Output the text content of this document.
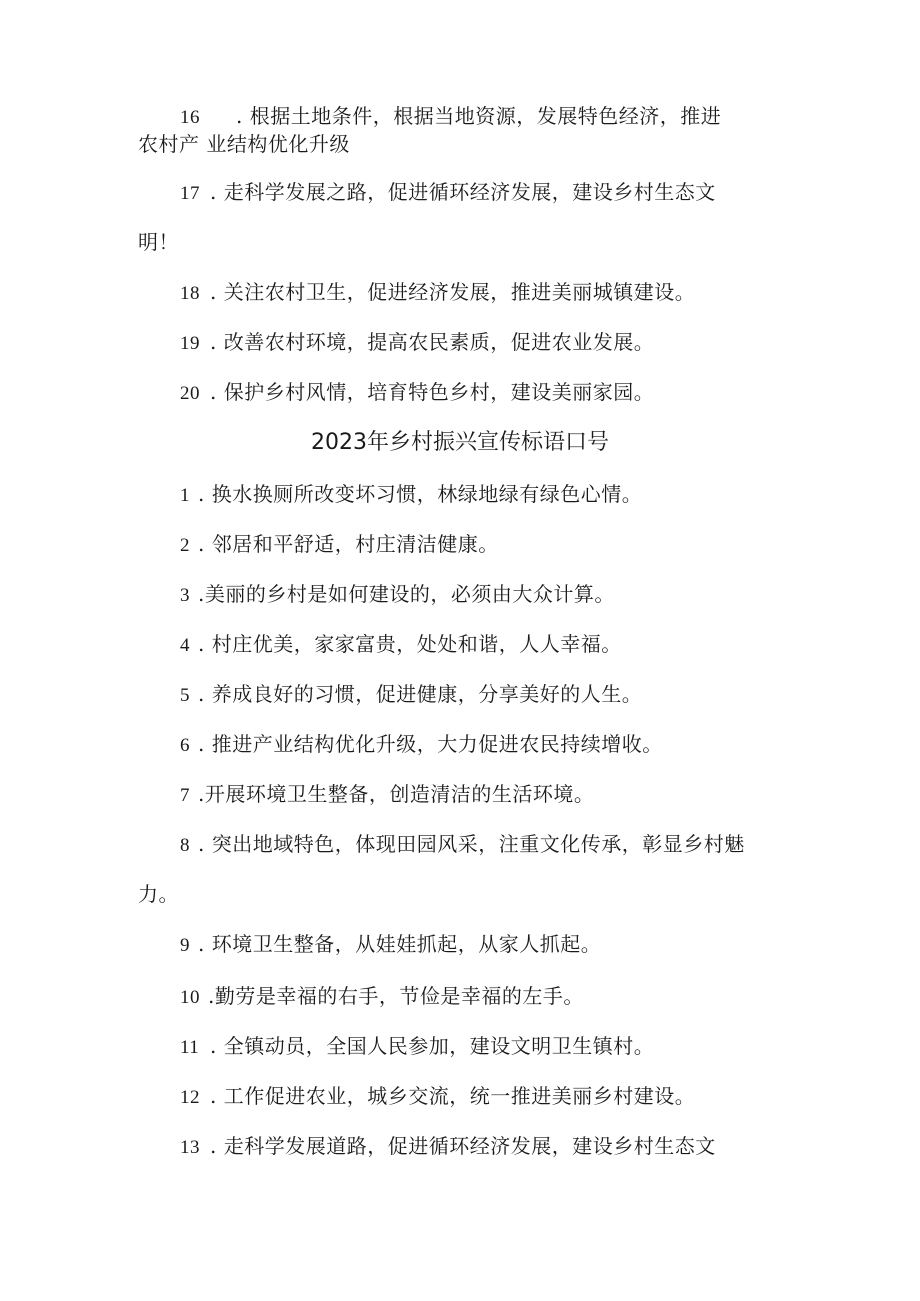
16 . 根据土地条件，根据当地资源，发展特色经济，推进
农村产 业结构优化升级
17 . 走科学发展之路，促进循环经济发展，建设乡村生态文
明！
18 . 关注农村卫生，促进经济发展，推进美丽城镇建设。
19 . 改善农村环境，提高农民素质，促进农业发展。
20 . 保护乡村风情，培育特色乡村，建设美丽家园。
2023年乡村振兴宣传标语口号
1 . 换水换厕所改变坏习惯，林绿地绿有绿色心情。
2 . 邻居和平舒适，村庄清洁健康。
3 .美丽的乡村是如何建设的，必须由大众计算。
4 . 村庄优美，家家富贵，处处和谐，人人幸福。
5 . 养成良好的习惯，促进健康，分享美好的人生。
6 . 推进产业结构优化升级，大力促进农民持续增收。
7 .开展环境卫生整备，创造清洁的生活环境。
8 . 突出地域特色，体现田园风采，注重文化传承，彰显乡村魅
力。
9 . 环境卫生整备，从娃娃抓起，从家人抓起。
10 .勤劳是幸福的右手，节俭是幸福的左手。
11 . 全镇动员，全国人民参加，建设文明卫生镇村。
12 . 工作促进农业，城乡交流，统一推进美丽乡村建设。
13 . 走科学发展道路，促进循环经济发展，建设乡村生态文
